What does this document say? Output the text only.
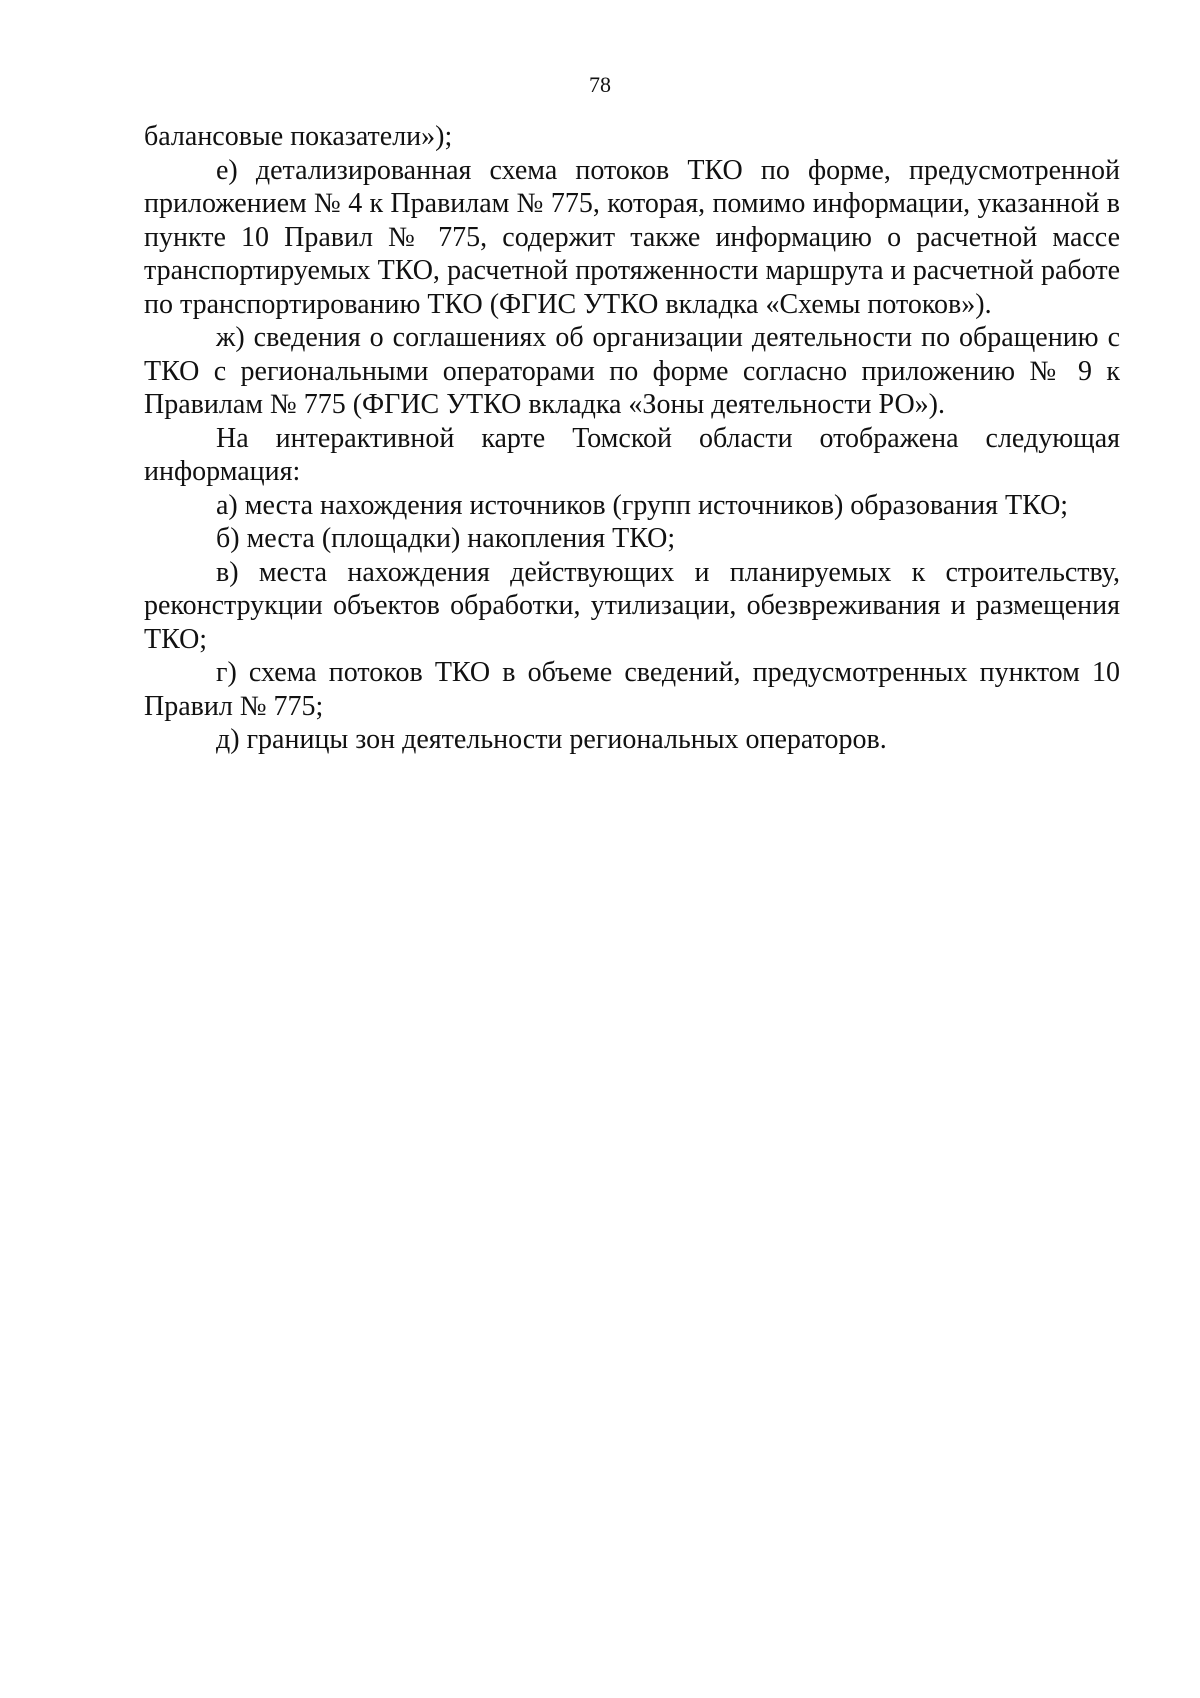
78

балансовые показатели»);

е) детализированная схема потоков ТКО по форме, предусмотренной приложением № 4 к Правилам № 775, которая, помимо информации, указанной в пункте 10 Правил № 775, содержит также информацию о расчетной массе транспортируемых ТКО, расчетной протяженности маршрута и расчетной работе по транспортированию ТКО (ФГИС УТКО вкладка «Схемы потоков»).

ж) сведения о соглашениях об организации деятельности по обращению с ТКО с региональными операторами по форме согласно приложению № 9 к Правилам № 775 (ФГИС УТКО вкладка «Зоны деятельности РО»).

На интерактивной карте Томской области отображена следующая информация:

а) места нахождения источников (групп источников) образования ТКО;

б) места (площадки) накопления ТКО;

в) места нахождения действующих и планируемых к строительству, реконструкции объектов обработки, утилизации, обезвреживания и размещения ТКО;

г) схема потоков ТКО в объеме сведений, предусмотренных пунктом 10 Правил № 775;

д) границы зон деятельности региональных операторов.
